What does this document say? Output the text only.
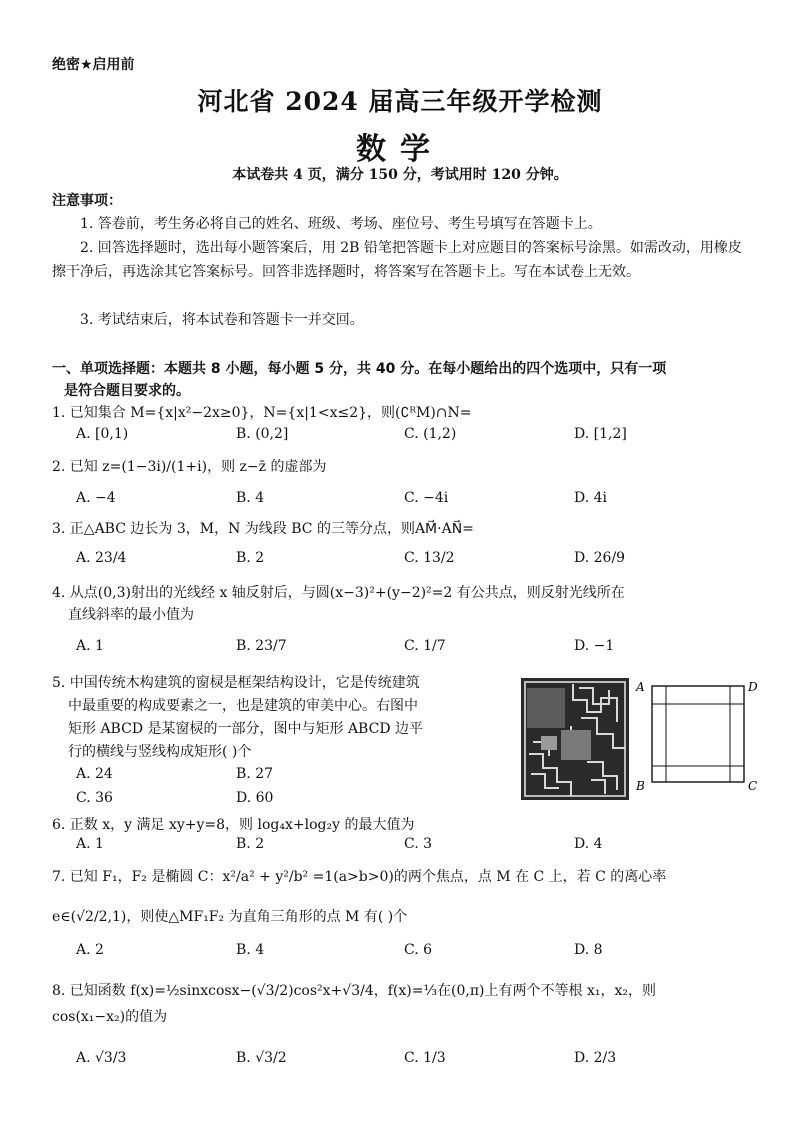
绝密★启用前
河北省 2024 届高三年级开学检测
数学
本试卷共 4 页，满分 150 分，考试用时 120 分钟。
注意事项：
1. 答卷前，考生务必将自己的姓名、班级、考场、座位号、考生号填写在答题卡上。
2. 回答选择题时，选出每小题答案后，用 2B 铅笔把答题卡上对应题目的答案标号涂黑。如需改动，用橡皮擦干净后，再选涂其它答案标号。回答非选择题时，将答案写在答题卡上。写在本试卷上无效。
3. 考试结束后，将本试卷和答题卡一并交回。
一、单项选择题：本题共 8 小题，每小题 5 分，共 40 分。在每小题给出的四个选项中，只有一项
是符合题目要求的。
1. 已知集合 M={x|x²−2x≥0}，N={x|1<x≤2}，则(∁ᴿM)∩N=
A. [0,1)	B. (0,2]	C. (1,2)	D. [1,2]
2. 已知 z=(1−3i)/(1+i)，则 z−z̄ 的虚部为
A. −4	B. 4	C. −4i	D. 4i
3. 正△ABC 边长为 3，M，N 为线段 BC 的三等分点，则AM⃗·AN⃗=
A. 23/4	B. 2	C. 13/2	D. 26/9
4. 从点(0,3)射出的光线经 x 轴反射后，与圆(x−3)²+(y−2)²=2 有公共点，则反射光线所在
直线斜率的最小值为
A. 1	B. 23/7	C. 1/7	D. −1
5. 中国传统木构建筑的窗棂是框架结构设计，它是传统建筑
中最重要的构成要素之一，也是建筑的审美中心。右图中
矩形 ABCD 是某窗棂的一部分，图中与矩形 ABCD 边平
行的横线与竖线构成矩形( )个
A. 24	B. 27
C. 36	D. 60
A	D
B	C
6. 正数 x，y 满足 xy+y=8，则 log₄x+log₂y 的最大值为
A. 1	B. 2	C. 3	D. 4
7. 已知 F₁，F₂ 是椭圆 C：x²/a² + y²/b² =1(a>b>0)的两个焦点，点 M 在 C 上，若 C 的离心率
e∈(√2/2,1)，则使△MF₁F₂ 为直角三角形的点 M 有( )个
A. 2	B. 4	C. 6	D. 8
8. 已知函数 f(x)=½sinxcosx−(√3/2)cos²x+√3/4，f(x)=⅓在(0,π)上有两个不等根 x₁，x₂，则
cos(x₁−x₂)的值为
A. √3/3	B. √3/2	C. 1/3	D. 2/3
